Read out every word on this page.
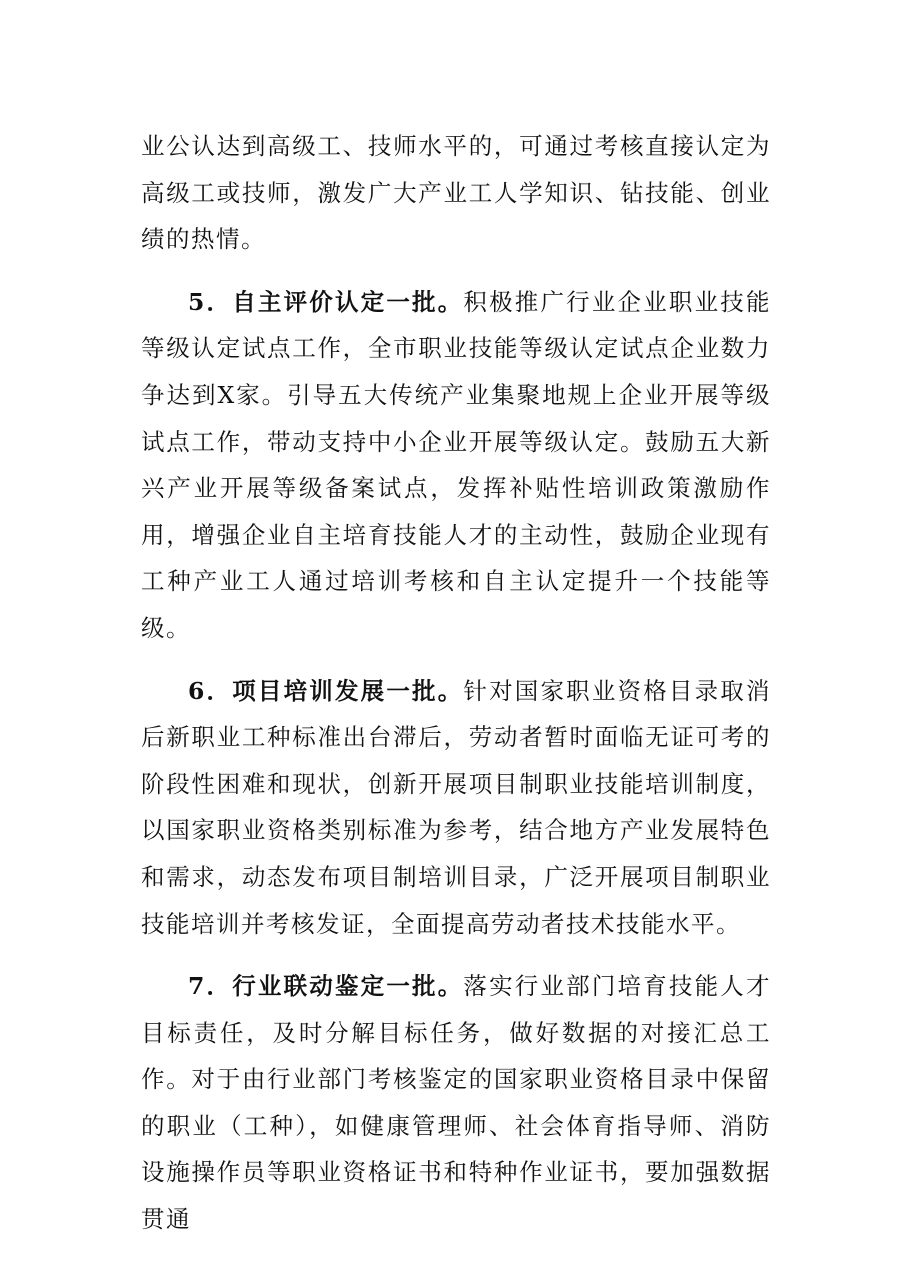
业公认达到高级工、技师水平的，可通过考核直接认定为高级工或技师，激发广大产业工人学知识、钻技能、创业绩的热情。

5．自主评价认定一批。积极推广行业企业职业技能等级认定试点工作，全市职业技能等级认定试点企业数力争达到X家。引导五大传统产业集聚地规上企业开展等级试点工作，带动支持中小企业开展等级认定。鼓励五大新兴产业开展等级备案试点，发挥补贴性培训政策激励作用，增强企业自主培育技能人才的主动性，鼓励企业现有工种产业工人通过培训考核和自主认定提升一个技能等级。

6．项目培训发展一批。针对国家职业资格目录取消后新职业工种标准出台滞后，劳动者暂时面临无证可考的阶段性困难和现状，创新开展项目制职业技能培训制度，以国家职业资格类别标准为参考，结合地方产业发展特色和需求，动态发布项目制培训目录，广泛开展项目制职业技能培训并考核发证，全面提高劳动者技术技能水平。

7．行业联动鉴定一批。落实行业部门培育技能人才目标责任，及时分解目标任务，做好数据的对接汇总工作。对于由行业部门考核鉴定的国家职业资格目录中保留的职业（工种），如健康管理师、社会体育指导师、消防设施操作员等职业资格证书和特种作业证书，要加强数据贯通
